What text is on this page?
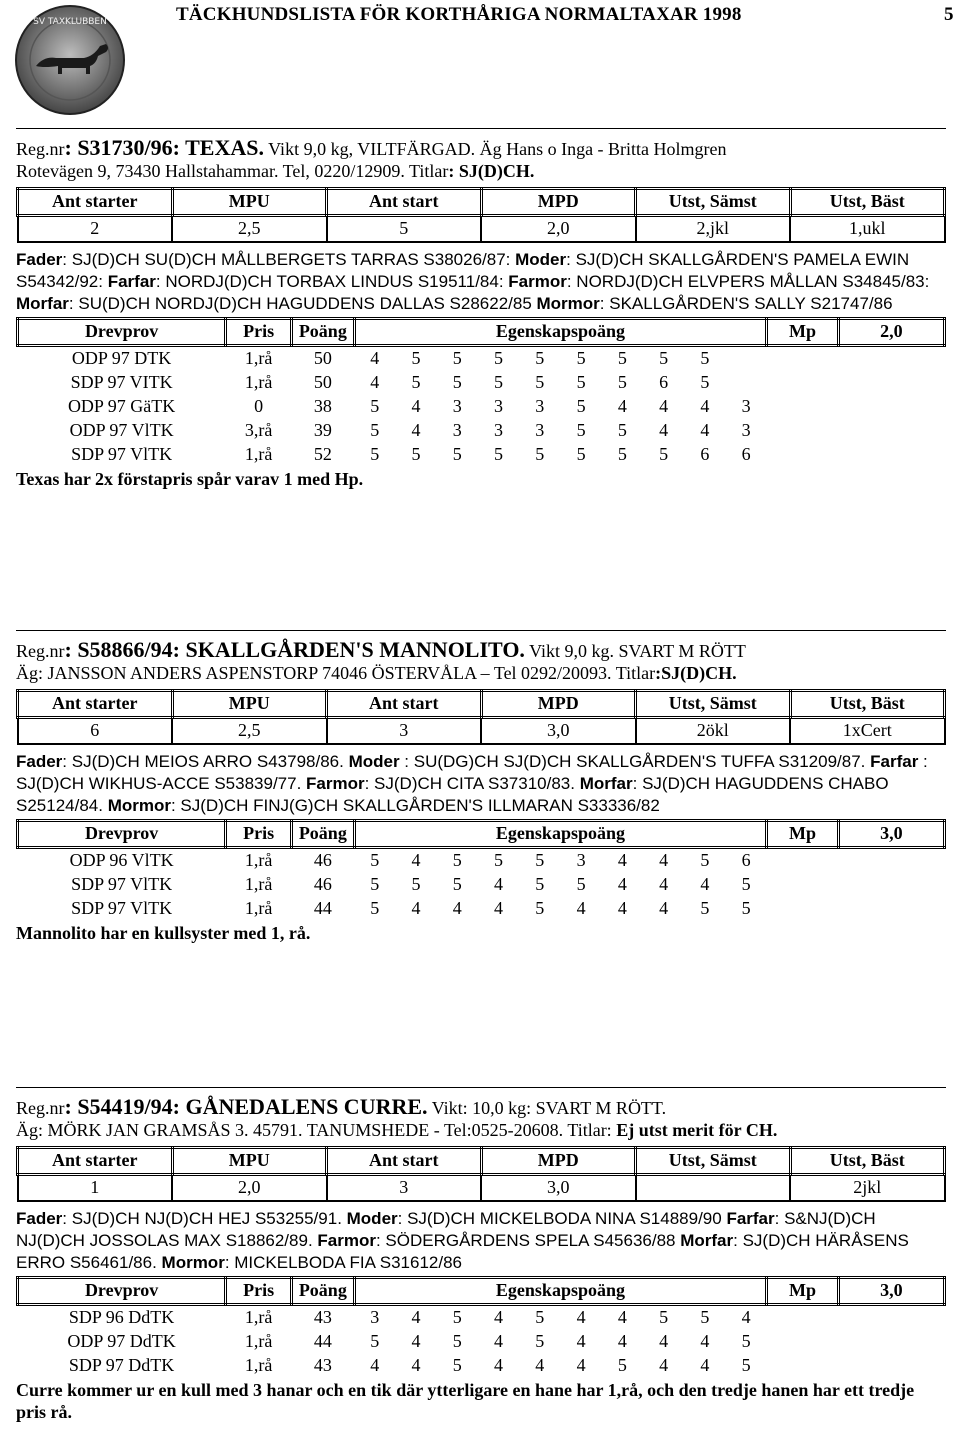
SV TAXKLUBBEN	TÄCKHUNDSLISTA FÖR KORTHÅRIGA NORMALTAXAR 1998	5
Reg.nr: S31730/96: TEXAS. Vikt 9,0 kg, VILTFÄRGAD. Äg Hans o Inga - Britta Holmgren
Rotevägen 9, 73430 Hallstahammar. Tel, 0220/12909. Titlar: SJ(D)CH.
Ant starter	MPU	Ant start	MPD	Utst, Sämst	Utst, Bäst
2	2,5	5	2,0	2,jkl	1,ukl
Fader: SJ(D)CH SU(D)CH MÅLLBERGETS TARRAS S38026/87: Moder: SJ(D)CH SKALLGÅRDEN'S PAMELA EWIN S54342/92: Farfar: NORDJ(D)CH TORBAX LINDUS S19511/84: Farmor: NORDJ(D)CH ELVPERS MÅLLAN S34845/83: Morfar: SU(D)CH NORDJ(D)CH HAGUDDENS DALLAS S28622/85 Mormor: SKALLGÅRDEN'S SALLY S21747/86
Drevprov	Pris	Poäng	Egenskapspoäng										Mp	2,0
ODP 97 DTK	1,rå	50	4	5	5	5	5	5	5	5	5			
SDP 97 VITK	1,rå	50	4	5	5	5	5	5	5	6	5			
ODP 97 GäTK	0	38	5	4	3	3	3	5	4	4	4	3		
ODP 97 VlTK	3,rå	39	5	4	3	3	3	5	5	4	4	3		
SDP 97 VlTK	1,rå	52	5	5	5	5	5	5	5	5	6	6		
Texas har 2x förstapris spår varav 1 med Hp.
Reg.nr: S58866/94: SKALLGÅRDEN'S MANNOLITO. Vikt 9,0 kg. SVART M RÖTT
Äg: JANSSON ANDERS ASPENSTORP 74046 ÖSTERVÅLA – Tel 0292/20093. Titlar:SJ(D)CH.
Ant starter	MPU	Ant start	MPD	Utst, Sämst	Utst, Bäst
6	2,5	3	3,0	2ökl	1xCert
Fader: SJ(D)CH MEIOS ARRO S43798/86. Moder : SU(DG)CH SJ(D)CH SKALLGÅRDEN'S TUFFA S31209/87. Farfar : SJ(D)CH WIKHUS-ACCE S53839/77. Farmor: SJ(D)CH CITA S37310/83. Morfar: SJ(D)CH HAGUDDENS CHABO S25124/84. Mormor: SJ(D)CH FINJ(G)CH SKALLGÅRDEN'S ILLMARAN S33336/82
Drevprov	Pris	Poäng	Egenskapspoäng										Mp	3,0
ODP 96 VlTK	1,rå	46	5	4	5	5	5	3	4	4	5	6		
SDP 97 VlTK	1,rå	46	5	5	5	4	5	5	4	4	4	5		
SDP 97 VlTK	1,rå	44	5	4	4	4	5	4	4	4	5	5		
Mannolito har en kullsyster med 1, rå.
Reg.nr: S54419/94: GÅNEDALENS CURRE. Vikt: 10,0 kg: SVART M RÖTT.
Äg: MÖRK JAN GRAMSÅS 3. 45791. TANUMSHEDE - Tel:0525-20608. Titlar: Ej utst merit för CH.
Ant starter	MPU	Ant start	MPD	Utst, Sämst	Utst, Bäst
1	2,0	3	3,0		2jkl
Fader: SJ(D)CH NJ(D)CH HEJ S53255/91. Moder: SJ(D)CH MICKELBODA NINA S14889/90 Farfar: S&NJ(D)CH NJ(D)CH JOSSOLAS MAX S18862/89. Farmor: SÖDERGÅRDENS SPELA S45636/88 Morfar: SJ(D)CH HÄRÅSENS ERRO S56461/86. Mormor: MICKELBODA FIA S31612/86
Drevprov	Pris	Poäng	Egenskapspoäng										Mp	3,0
SDP 96 DdTK	1,rå	43	3	4	5	4	5	4	4	5	5	4		
ODP 97 DdTK	1,rå	44	5	4	5	4	5	4	4	4	4	5		
SDP 97 DdTK	1,rå	43	4	4	5	4	4	4	5	4	4	5		
Curre kommer ur en kull med 3 hanar och en tik där ytterligare en hane har 1,rå, och den tredje hanen har ett tredje pris rå.
